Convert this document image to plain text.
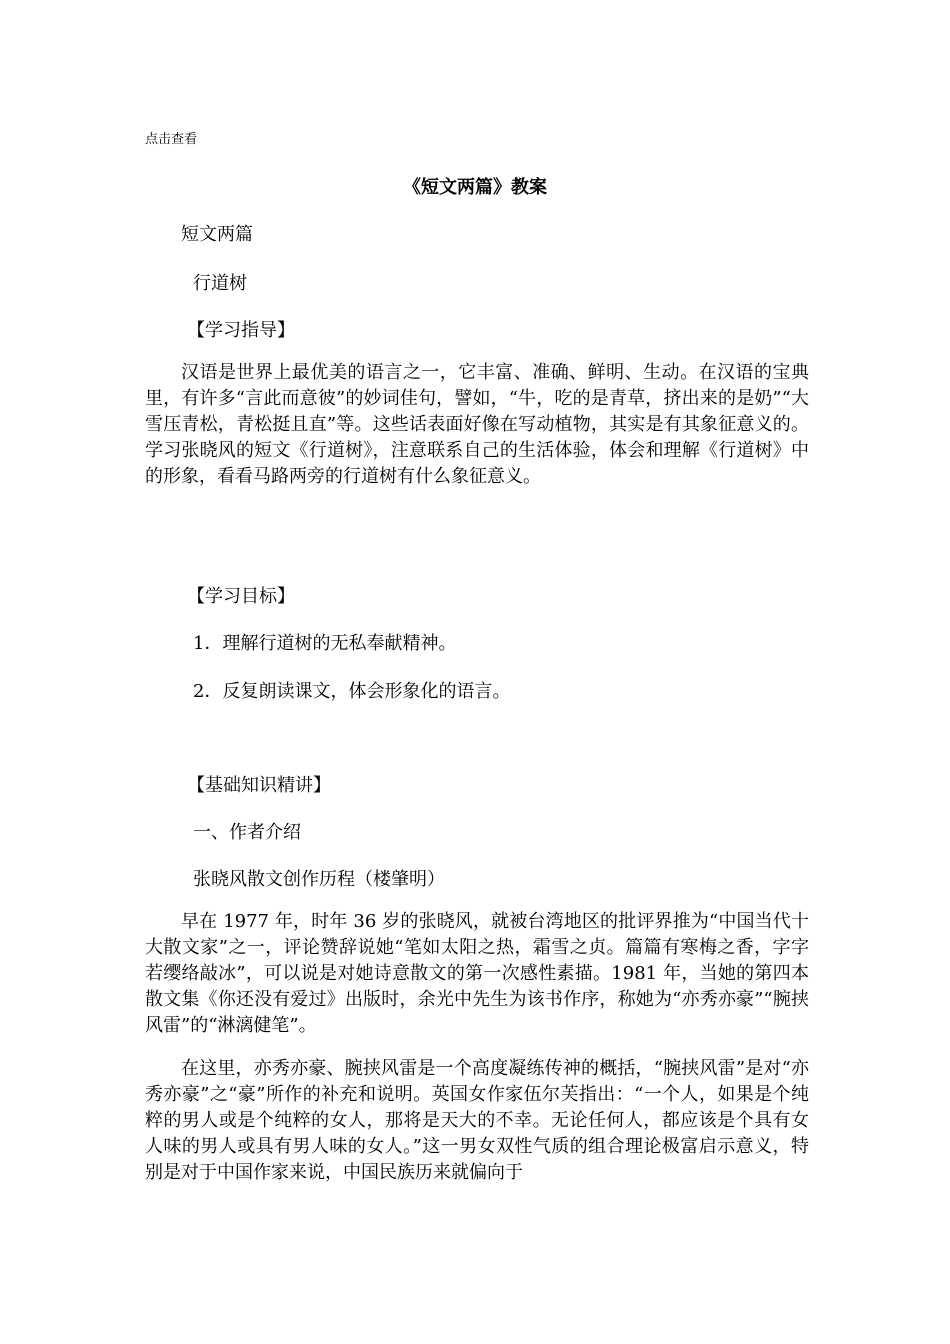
点击查看
《短文两篇》教案
短文两篇
行道树
【学习指导】
汉语是世界上最优美的语言之一，它丰富、准确、鲜明、生动。在汉语的宝典里，有许多“言此而意彼”的妙词佳句，譬如，“牛，吃的是青草，挤出来的是奶”“大雪压青松，青松挺且直”等。这些话表面好像在写动植物，其实是有其象征意义的。学习张晓风的短文《行道树》，注意联系自己的生活体验，体会和理解《行道树》中的形象，看看马路两旁的行道树有什么象征意义。
【学习目标】
1．理解行道树的无私奉献精神。
2．反复朗读课文，体会形象化的语言。
【基础知识精讲】
一、作者介绍
张晓风散文创作历程（楼肇明）
早在 1977 年，时年 36 岁的张晓风，就被台湾地区的批评界推为“中国当代十大散文家”之一，评论赞辞说她“笔如太阳之热，霜雪之贞。篇篇有寒梅之香，字字若缨络敲冰”，可以说是对她诗意散文的第一次感性素描。1981 年，当她的第四本散文集《你还没有爱过》出版时，余光中先生为该书作序，称她为“亦秀亦豪”“腕挟风雷”的“淋漓健笔”。
在这里，亦秀亦豪、腕挟风雷是一个高度凝练传神的概括，“腕挟风雷”是对“亦秀亦豪”之“豪”所作的补充和说明。英国女作家伍尔芙指出：“一个人，如果是个纯粹的男人或是个纯粹的女人，那将是天大的不幸。无论任何人，都应该是个具有女人味的男人或具有男人味的女人。”这一男女双性气质的组合理论极富启示意义，特别是对于中国作家来说，中国民族历来就偏向于
